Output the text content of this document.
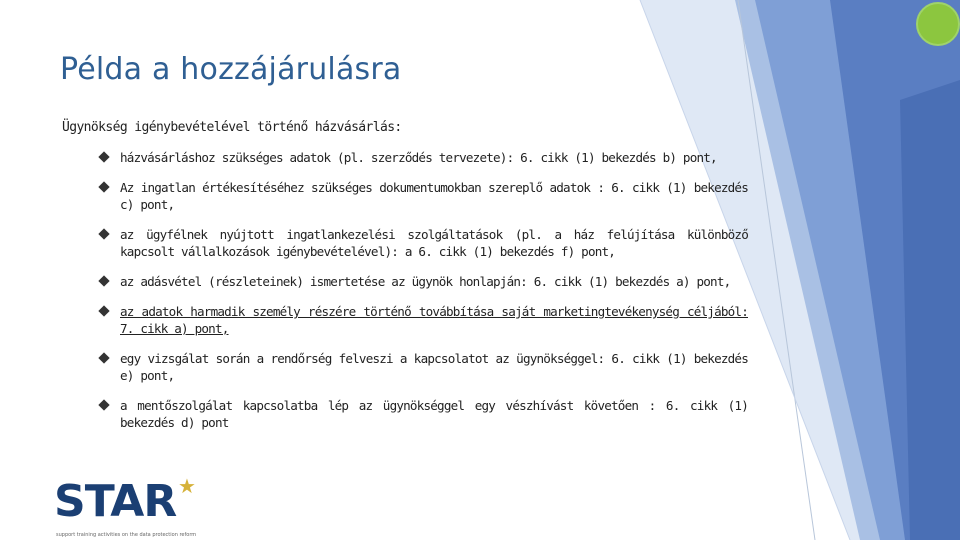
Példa a hozzájárulásra
Ügynökség igénybevételével történő házvásárlás:
házvásárláshoz szükséges adatok (pl. szerződés tervezete): 6. cikk (1) bekezdés b) pont,
Az ingatlan értékesítéséhez szükséges dokumentumokban szereplő adatok : 6. cikk (1) bekezdés c) pont,
az ügyfélnek nyújtott ingatlankezelési szolgáltatások (pl. a ház felújítása különböző kapcsolt vállalkozások igénybevételével): a 6. cikk (1) bekezdés f) pont,
az adásvétel (részleteinek) ismertetése az ügynök honlapján: 6. cikk (1) bekezdés a) pont,
az adatok harmadik személy részére történő továbbítása saját marketingtevékenység céljából: 7. cikk a) pont,
egy vizsgálat során a rendőrség felveszi a kapcsolatot az ügynökséggel: 6. cikk (1) bekezdés e) pont,
a mentőszolgálat kapcsolatba lép az ügynökséggel egy vészhívást követően : 6. cikk (1) bekezdés d) pont
STAR ★
support training activities on the data protection reform
